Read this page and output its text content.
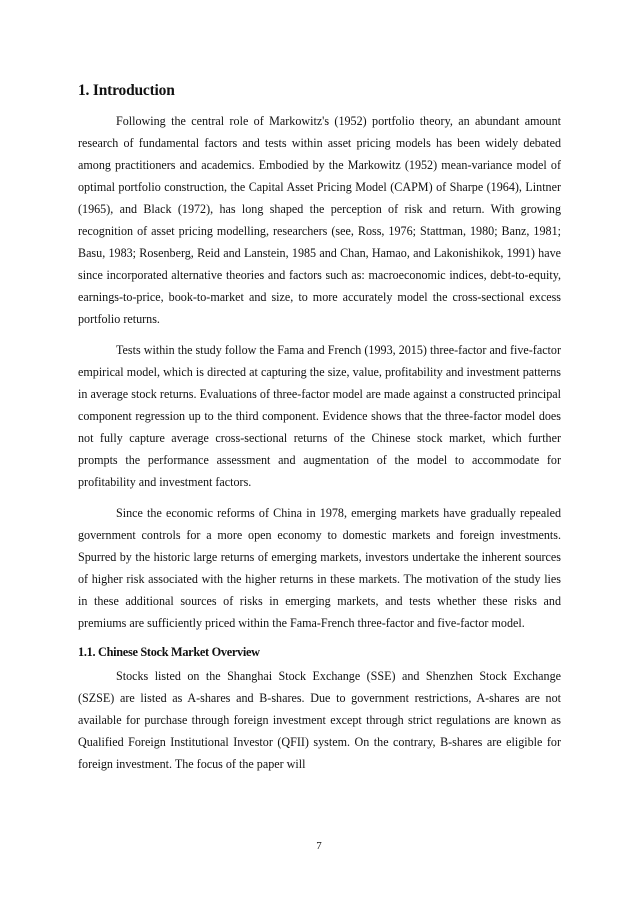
1. Introduction

Following the central role of Markowitz's (1952) portfolio theory, an abundant amount research of fundamental factors and tests within asset pricing models has been widely debated among practitioners and academics. Embodied by the Markowitz (1952) mean-variance model of optimal portfolio construction, the Capital Asset Pricing Model (CAPM) of Sharpe (1964), Lintner (1965), and Black (1972), has long shaped the perception of risk and return. With growing recognition of asset pricing modelling, researchers (see, Ross, 1976; Stattman, 1980; Banz, 1981; Basu, 1983; Rosenberg, Reid and Lanstein, 1985 and Chan, Hamao, and Lakonishikok, 1991) have since incorporated alternative theories and factors such as: macroeconomic indices, debt-to-equity, earnings-to-price, book-to-market and size, to more accurately model the cross-sectional excess portfolio returns.

Tests within the study follow the Fama and French (1993, 2015) three-factor and five-factor empirical model, which is directed at capturing the size, value, profitability and investment patterns in average stock returns. Evaluations of three-factor model are made against a constructed principal component regression up to the third component. Evidence shows that the three-factor model does not fully capture average cross-sectional returns of the Chinese stock market, which further prompts the performance assessment and augmentation of the model to accommodate for profitability and investment factors.

Since the economic reforms of China in 1978, emerging markets have gradually repealed government controls for a more open economy to domestic markets and foreign investments. Spurred by the historic large returns of emerging markets, investors undertake the inherent sources of higher risk associated with the higher returns in these markets. The motivation of the study lies in these additional sources of risks in emerging markets, and tests whether these risks and premiums are sufficiently priced within the Fama-French three-factor and five-factor model.

1.1. Chinese Stock Market Overview

Stocks listed on the Shanghai Stock Exchange (SSE) and Shenzhen Stock Exchange (SZSE) are listed as A-shares and B-shares. Due to government restrictions, A-shares are not available for purchase through foreign investment except through strict regulations are known as Qualified Foreign Institutional Investor (QFII) system. On the contrary, B-shares are eligible for foreign investment. The focus of the paper will

7
